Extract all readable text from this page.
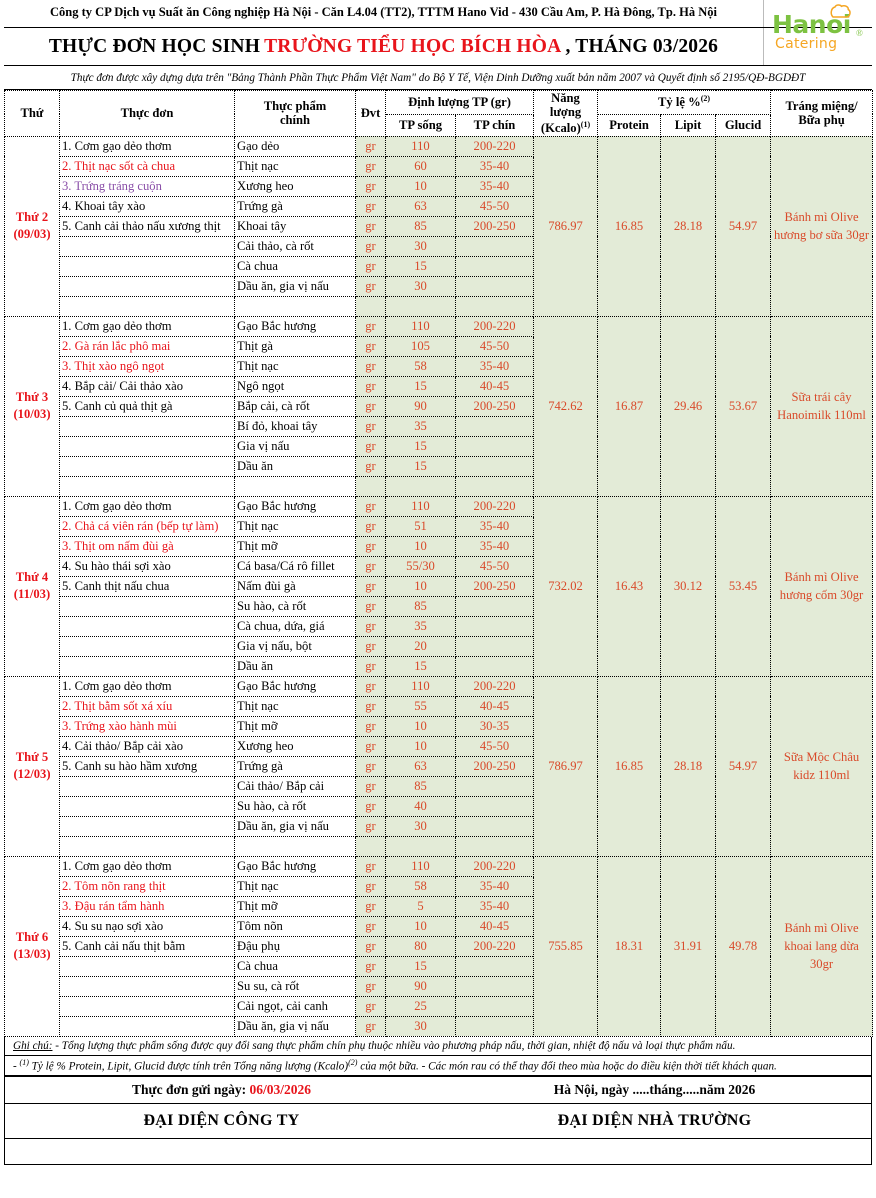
Công ty CP Dịch vụ Suất ăn Công nghiệp Hà Nội - Căn L4.04 (TT2), TTTM Hano Vid - 430 Cầu Am, P. Hà Đông, Tp. Hà Nội
THỰC ĐƠN HỌC SINH TRƯỜNG TIỂU HỌC BÍCH HÒA , THÁNG 03/2026
Hanoi
Catering
®
Thực đơn được xây dựng dựa trên "Bảng Thành Phần Thực Phẩm Việt Nam" do Bộ Y Tế, Viện Dinh Dưỡng xuất bản năm 2007 và Quyết định số 2195/QĐ-BGDĐT
Thứ	Thực đơn	Thực phẩm
chính	Đvt	Định lượng TP (gr)		Năng
lượng
(Kcalo)$^{(1)}$	Tỷ lệ %$^{(2)}$			Tráng miệng/
Bữa phụ
				TP sống	TP chín		Protein	Lipit	Glucid	

Thứ 2
(09/03)	1. Cơm gạo dẻo thơm	Gạo dẻo	gr	110	200-220	786.97	16.85	28.18	54.97	Bánh mì Olive hương bơ sữa 30gr
	2. Thịt nạc sốt cà chua	Thịt nạc	gr	60	35-40					
	3. Trứng tráng cuộn	Xương heo	gr	10	35-40					
	4. Khoai tây xào	Trứng gà	gr	63	45-50					
	5. Canh cải thảo nấu xương thịt	Khoai tây	gr	85	200-250					
		Cải thảo, cà rốt	gr	30						
		Cà chua	gr	15						
		Dầu ăn, gia vị nấu	gr	30						

Thứ 3
(10/03)	1. Cơm gạo dẻo thơm	Gạo Bắc hương	gr	110	200-220	742.62	16.87	29.46	53.67	Sữa trái cây Hanoimilk 110ml
	2. Gà rán lắc phô mai	Thịt gà	gr	105	45-50					
	3. Thịt xào ngô ngọt	Thịt nạc	gr	58	35-40					
	4. Bắp cải/ Cải thảo xào	Ngô ngọt	gr	15	40-45					
	5. Canh củ quả thịt gà	Bắp cải, cà rốt	gr	90	200-250					
		Bí đỏ, khoai tây	gr	35						
		Gia vị nấu	gr	15						
		Dầu ăn	gr	15						

Thứ 4
(11/03)	1. Cơm gạo dẻo thơm	Gạo Bắc hương	gr	110	200-220	732.02	16.43	30.12	53.45	Bánh mì Olive hương cốm 30gr
	2. Chả cá viên rán (bếp tự làm)	Thịt nạc	gr	51	35-40					
	3. Thịt om nấm đùi gà	Thịt mỡ	gr	10	35-40					
	4. Su hào thái sợi xào	Cá basa/Cá rô fillet	gr	55/30	45-50					
	5. Canh thịt nấu chua	Nấm đùi gà	gr	10	200-250					
		Su hào, cà rốt	gr	85						
		Cà chua, dứa, giá	gr	35						
		Gia vị nấu, bột	gr	20						
		Dầu ăn	gr	15						

Thứ 5
(12/03)	1. Cơm gạo dẻo thơm	Gạo Bắc hương	gr	110	200-220	786.97	16.85	28.18	54.97	Sữa Mộc Châu kidz 110ml
	2. Thịt bằm sốt xá xíu	Thịt nạc	gr	55	40-45					
	3. Trứng xào hành mùi	Thịt mỡ	gr	10	30-35					
	4. Cải thảo/ Bắp cải xào	Xương heo	gr	10	45-50					
	5. Canh su hào hầm xương	Trứng gà	gr	63	200-250					
		Cải thảo/ Bắp cải	gr	85						
		Su hào, cà rốt	gr	40						
		Dầu ăn, gia vị nấu	gr	30						

Thứ 6
(13/03)	1. Cơm gạo dẻo thơm	Gạo Bắc hương	gr	110	200-220	755.85	18.31	31.91	49.78	Bánh mì Olive khoai lang dừa 30gr
	2. Tôm nõn rang thịt	Thịt nạc	gr	58	35-40					
	3. Đậu rán tẩm hành	Thịt mỡ	gr	5	35-40					
	4. Su su nạo sợi xào	Tôm nõn	gr	10	40-45					
	5. Canh cải nấu thịt bằm	Đậu phụ	gr	80	200-220					
		Cà chua	gr	15						
		Su su, cà rốt	gr	90						
		Cải ngọt, cải canh	gr	25						
		Dầu ăn, gia vị nấu	gr	30						
Ghi chú: - Tổng lượng thực phẩm sống được quy đổi sang thực phẩm chín phụ thuộc nhiều vào phương pháp nấu, thời gian, nhiệt độ nấu và loại thực phẩm nấu.
- $^{(1)}$ Tỷ lệ % Protein, Lipit, Glucid được tính trên Tổng năng lượng (Kcalo)$^{(2)}$ của một bữa. - Các món rau có thể thay đổi theo mùa hoặc do điều kiện thời tiết khách quan.
Thực đơn gửi ngày: 06/03/2026	Hà Nội, ngày .....tháng.....năm 2026
ĐẠI DIỆN CÔNG TY	ĐẠI DIỆN NHÀ TRƯỜNG
